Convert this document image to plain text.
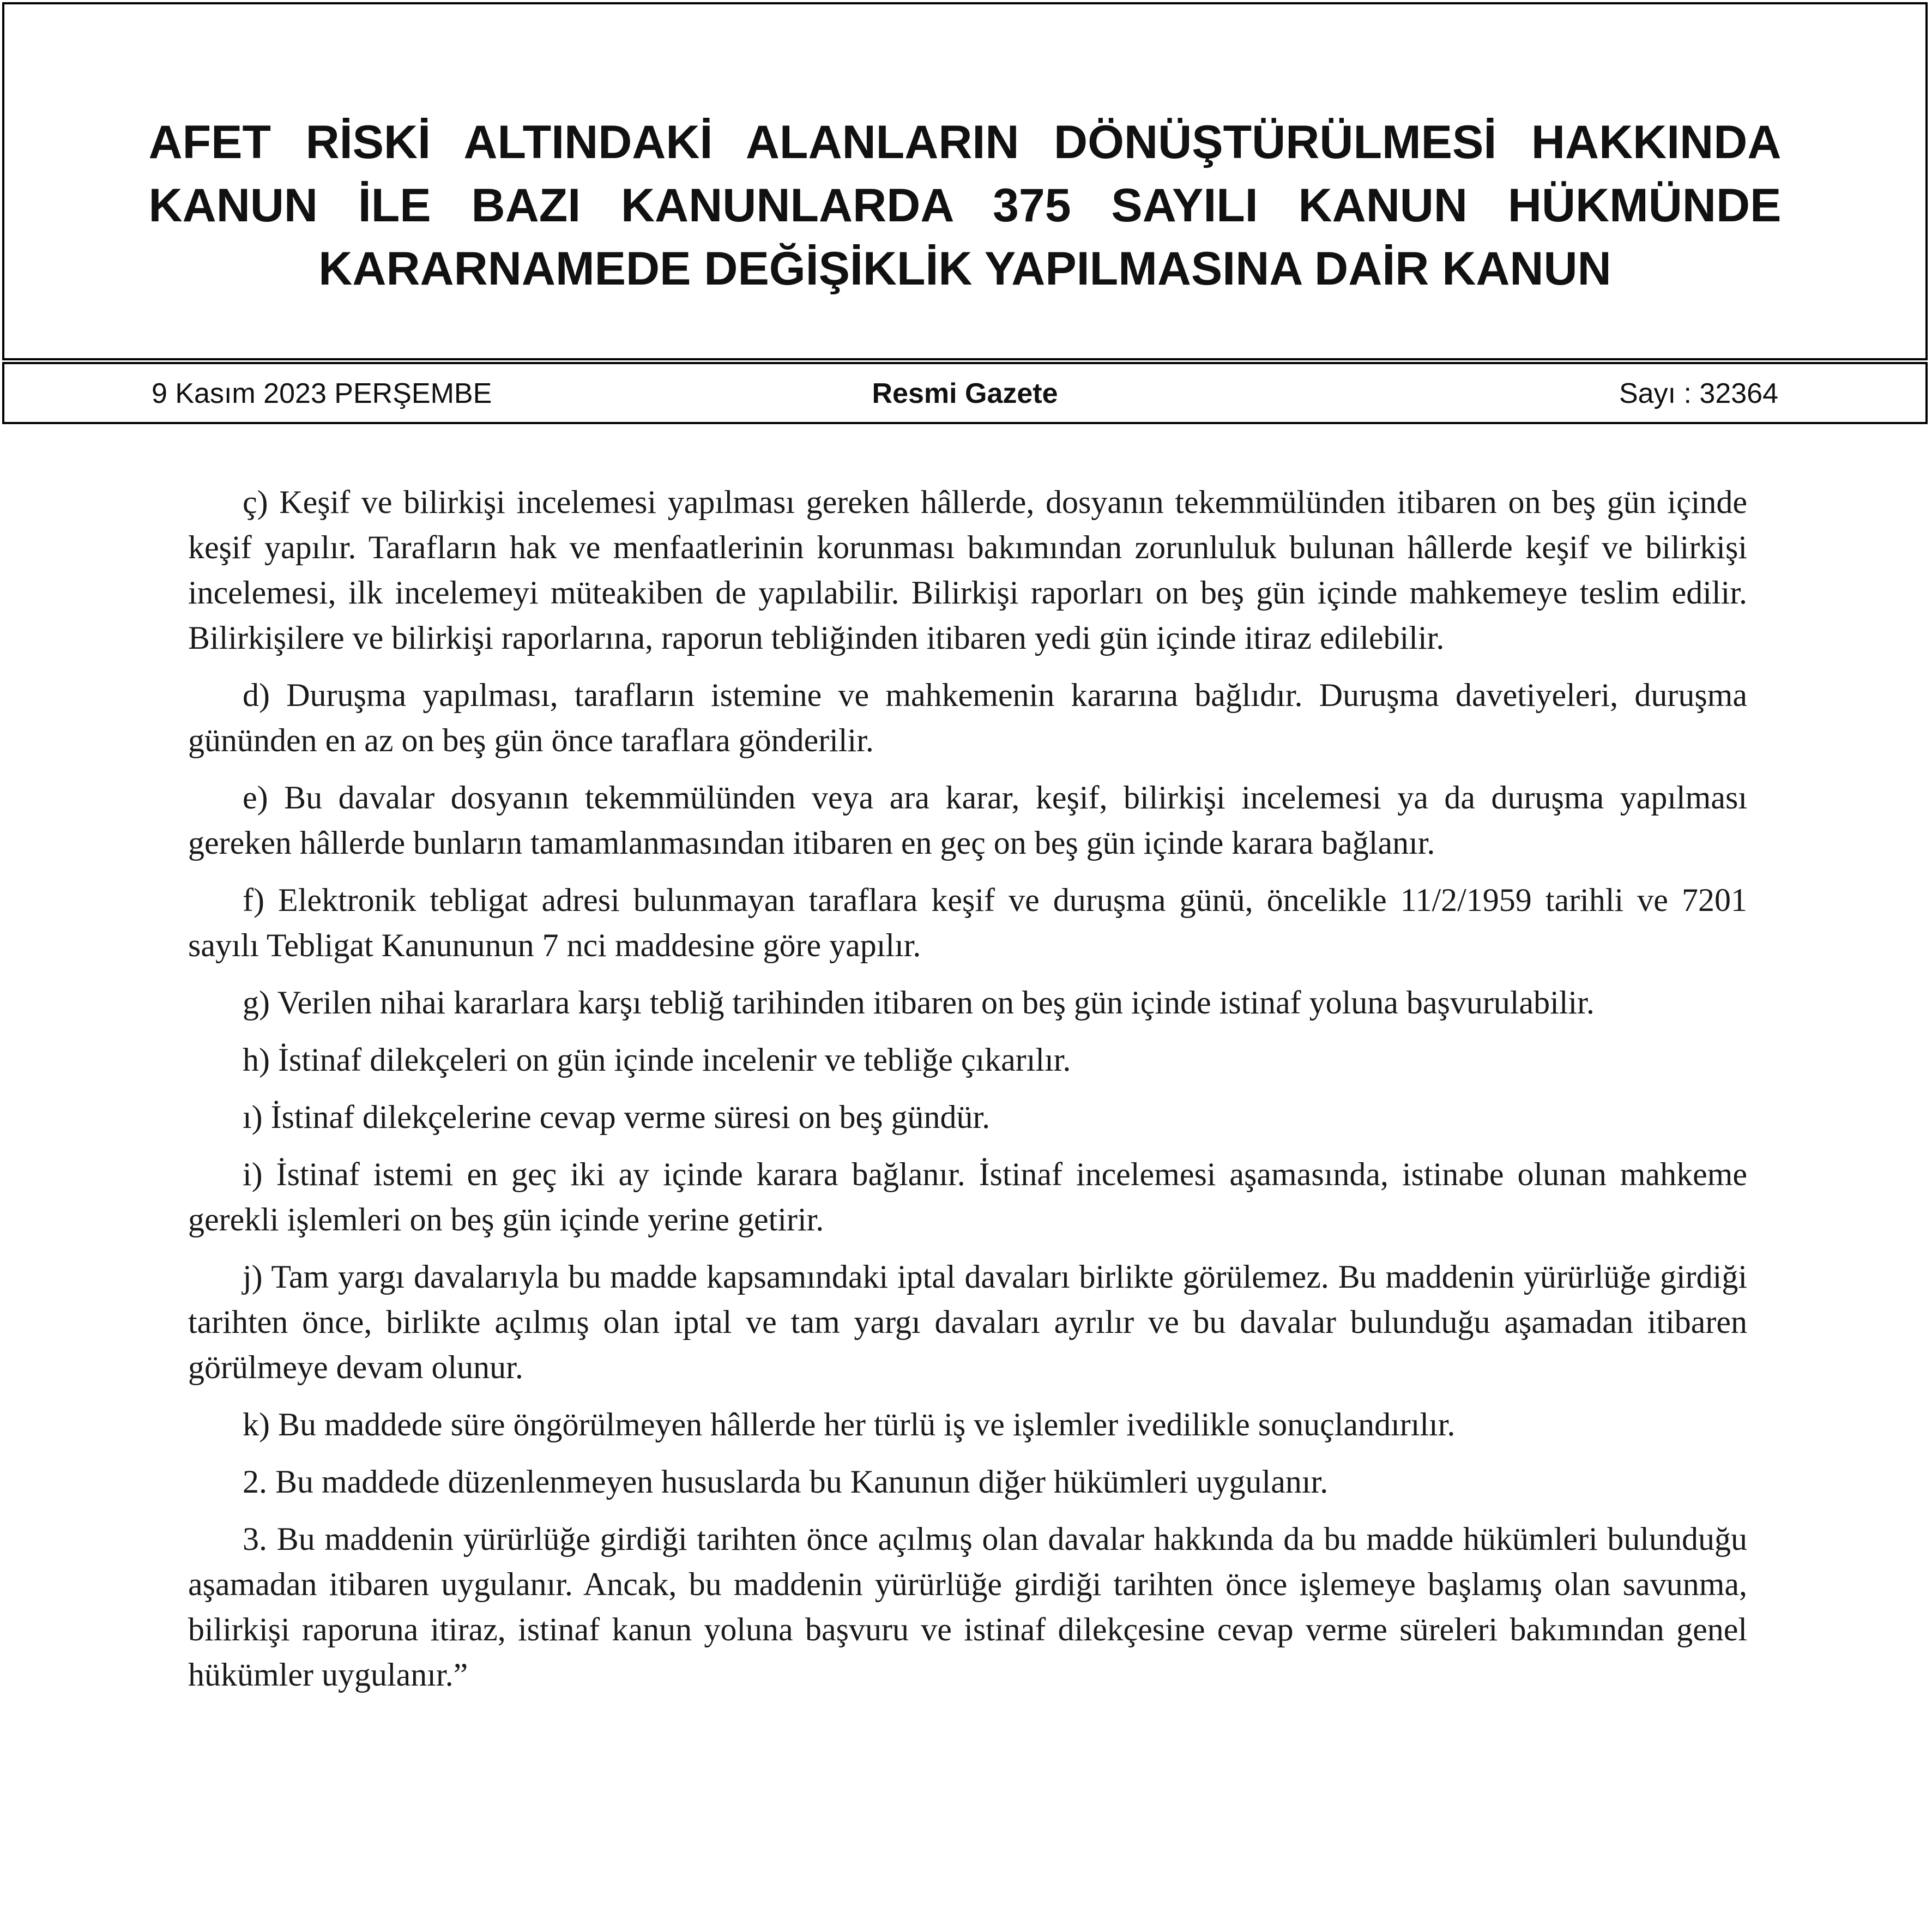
AFET RİSKİ ALTINDAKİ ALANLARIN DÖNÜŞTÜRÜLMESİ HAKKINDA
KANUN İLE BAZI KANUNLARDA 375 SAYILI KANUN HÜKMÜNDE
KARARNAMEDE DEĞİŞİKLİK YAPILMASINA DAİR KANUN
9 Kasım 2023 PERŞEMBE	Resmi Gazete	Sayı : 32364

ç) Keşif ve bilirkişi incelemesi yapılması gereken hâllerde, dosyanın tekemmülünden itibaren on beş gün içinde keşif yapılır. Tarafların hak ve menfaatlerinin korunması bakımından zorunluluk bulunan hâllerde keşif ve bilirkişi incelemesi, ilk incelemeyi müteakiben de yapılabilir. Bilirkişi raporları on beş gün içinde mahkemeye teslim edilir. Bilirkişilere ve bilirkişi raporlarına, raporun tebliğinden itibaren yedi gün içinde itiraz edilebilir.

d) Duruşma yapılması, tarafların istemine ve mahkemenin kararına bağlıdır. Duruşma davetiyeleri, duruşma gününden en az on beş gün önce taraflara gönderilir.

e) Bu davalar dosyanın tekemmülünden veya ara karar, keşif, bilirkişi incelemesi ya da duruşma yapılması gereken hâllerde bunların tamamlanmasından itibaren en geç on beş gün içinde karara bağlanır.

f) Elektronik tebligat adresi bulunmayan taraflara keşif ve duruşma günü, öncelikle 11/2/1959 tarihli ve 7201 sayılı Tebligat Kanununun 7 nci maddesine göre yapılır.

g) Verilen nihai kararlara karşı tebliğ tarihinden itibaren on beş gün içinde istinaf yoluna başvurulabilir.

h) İstinaf dilekçeleri on gün içinde incelenir ve tebliğe çıkarılır.

ı) İstinaf dilekçelerine cevap verme süresi on beş gündür.

i) İstinaf istemi en geç iki ay içinde karara bağlanır. İstinaf incelemesi aşamasında, istinabe olunan mahkeme gerekli işlemleri on beş gün içinde yerine getirir.

j) Tam yargı davalarıyla bu madde kapsamındaki iptal davaları birlikte görülemez. Bu maddenin yürürlüğe girdiği tarihten önce, birlikte açılmış olan iptal ve tam yargı davaları ayrılır ve bu davalar bulunduğu aşamadan itibaren görülmeye devam olunur.

k) Bu maddede süre öngörülmeyen hâllerde her türlü iş ve işlemler ivedilikle sonuçlandırılır.

2. Bu maddede düzenlenmeyen hususlarda bu Kanunun diğer hükümleri uygulanır.

3. Bu maddenin yürürlüğe girdiği tarihten önce açılmış olan davalar hakkında da bu madde hükümleri bulunduğu aşamadan itibaren uygulanır. Ancak, bu maddenin yürürlüğe girdiği tarihten önce işlemeye başlamış olan savunma, bilirkişi raporuna itiraz, istinaf kanun yoluna başvuru ve istinaf dilekçesine cevap verme süreleri bakımından genel hükümler uygulanır.”
